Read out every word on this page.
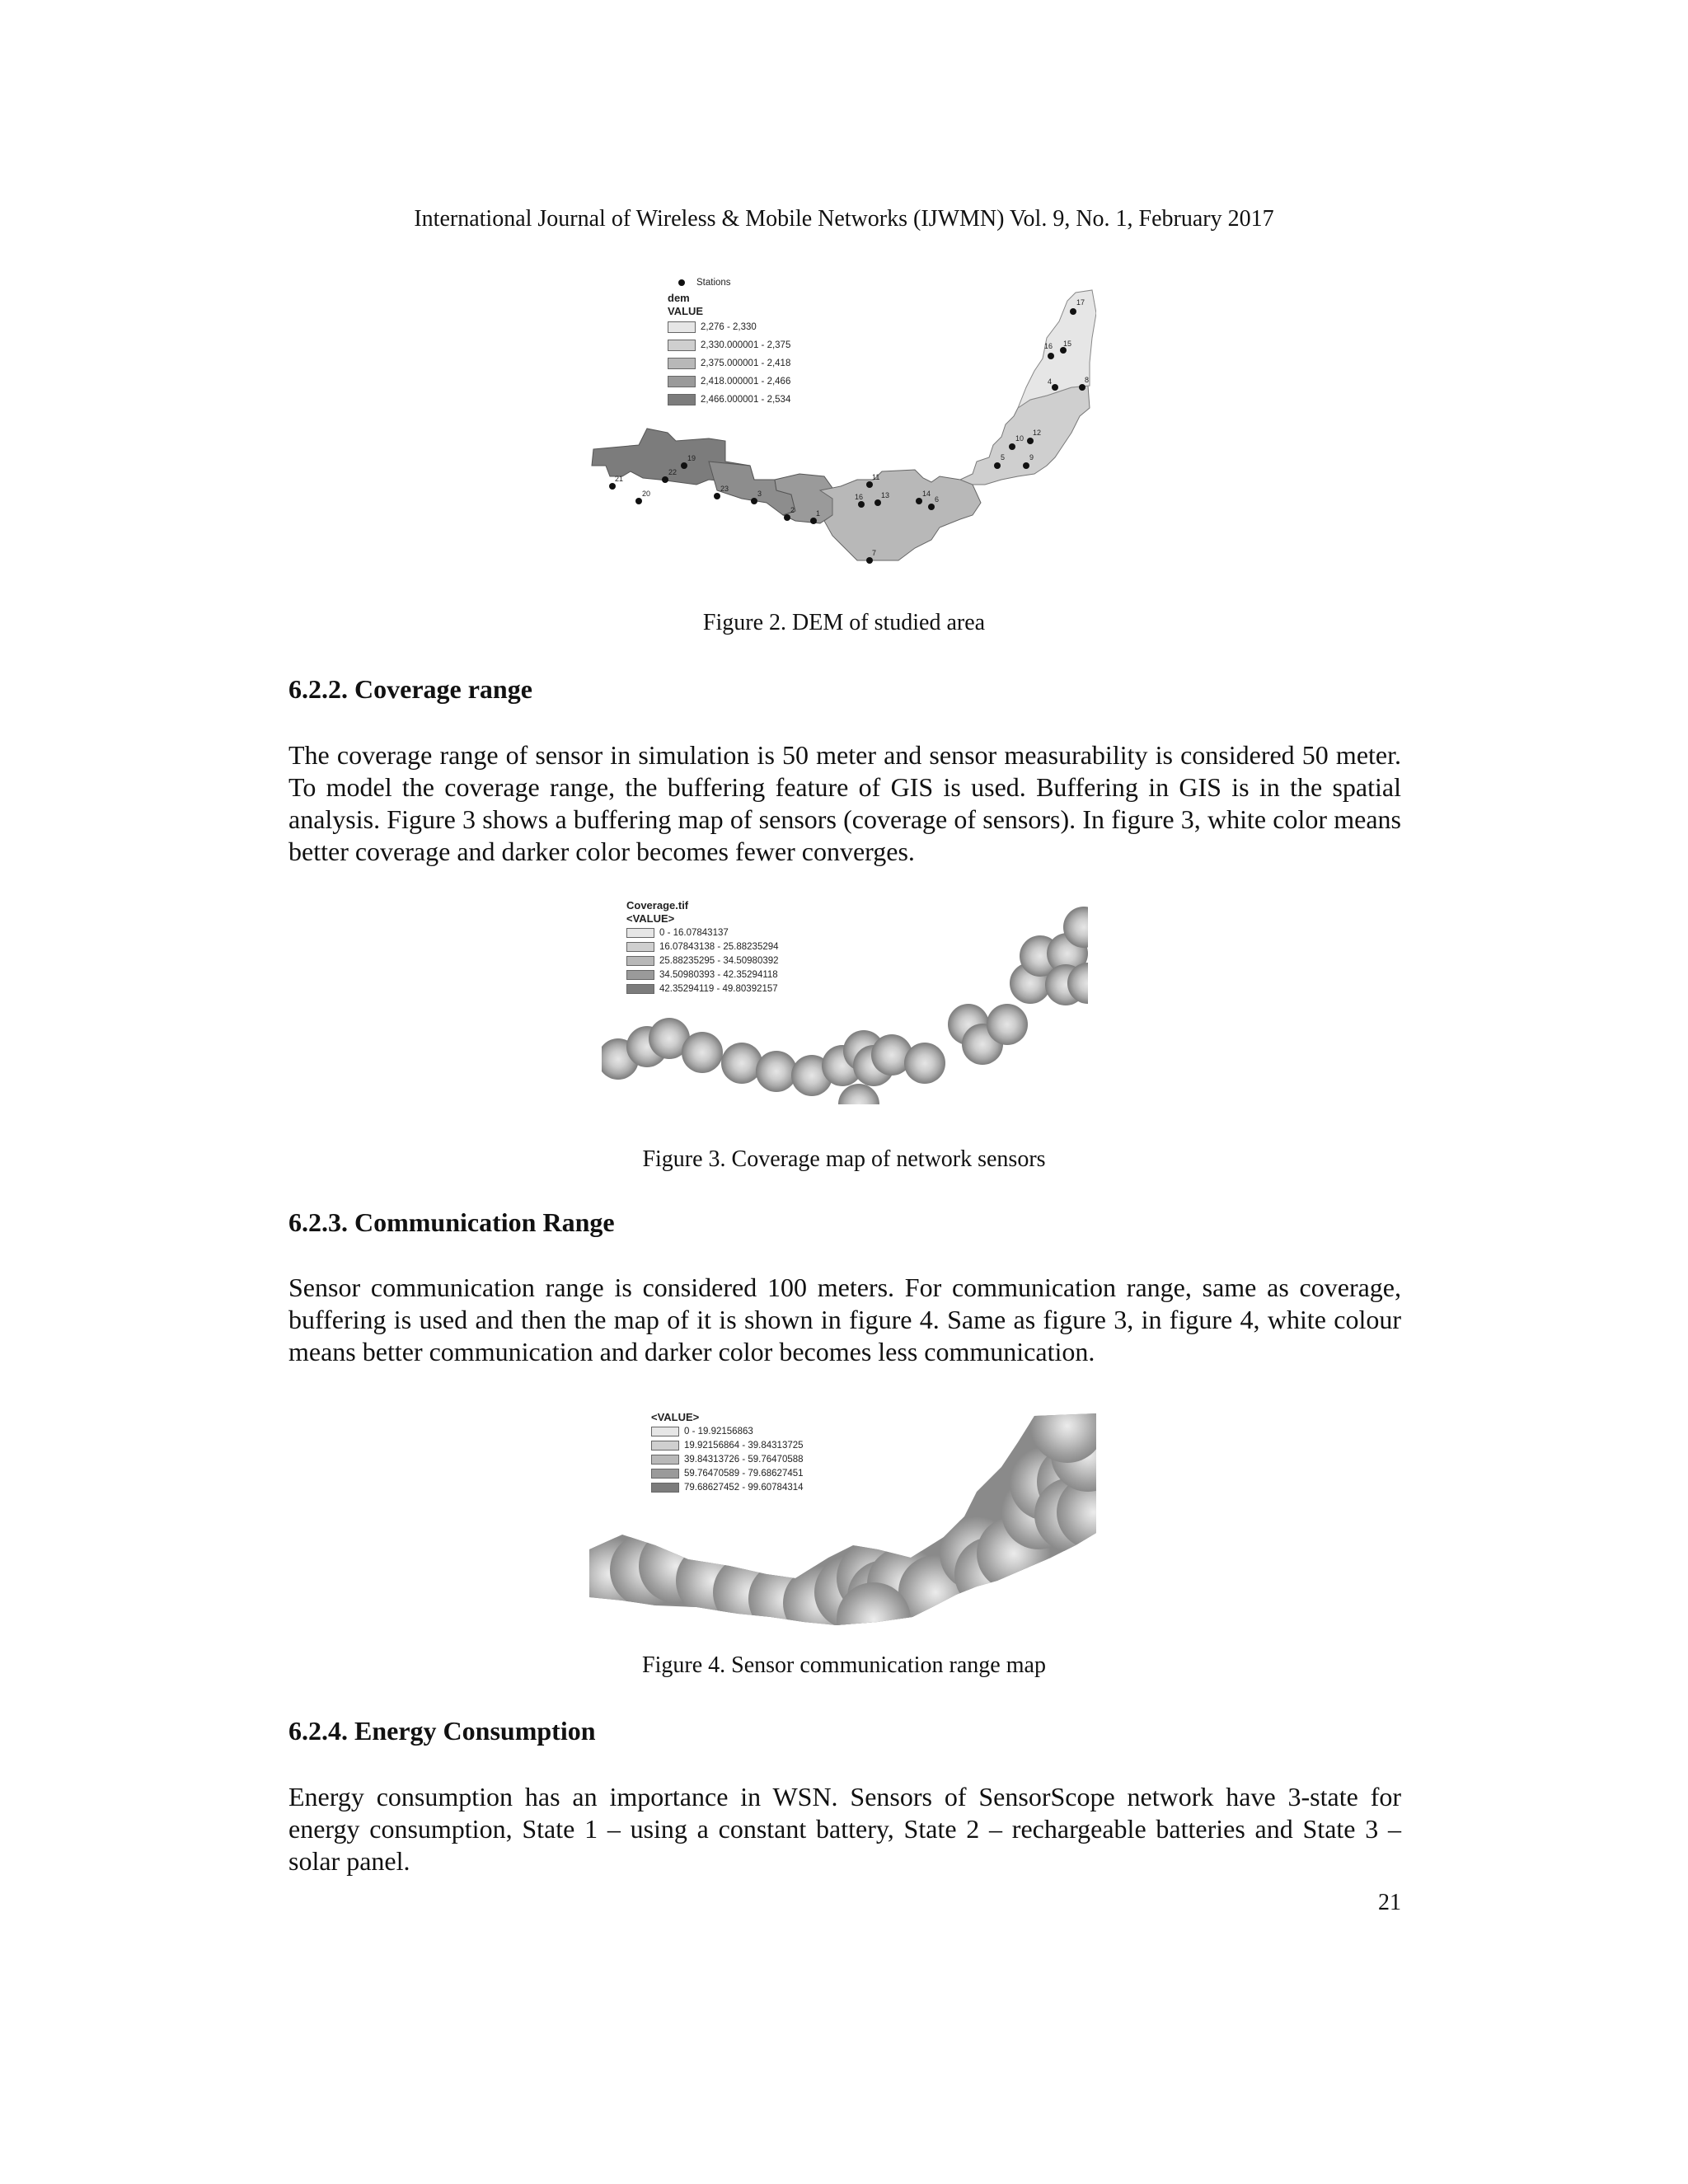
International Journal of Wireless & Mobile Networks (IJWMN) Vol. 9, No. 1, February 2017
17
16 15
4	8
12
10
5	9
11
19
22
23
21
20	3
2	1
16 13	14
6
7
Stations
dem
VALUE
2,276 - 2,330
2,330.000001 - 2,375
2,375.000001 - 2,418
2,418.000001 - 2,466
2,466.000001 - 2,534
Figure 2. DEM of studied area
6.2.2. Coverage range
The coverage range of sensor in simulation is 50 meter and sensor measurability is considered 50 meter. To model the coverage range, the buffering feature of GIS is used. Buffering in GIS is in the spatial analysis. Figure 3 shows a buffering map of sensors (coverage of sensors). In figure 3, white color means better coverage and darker color becomes fewer converges.
Coverage.tif
<VALUE>
0 - 16.07843137
16.07843138 - 25.88235294
25.88235295 - 34.50980392
34.50980393 - 42.35294118
42.35294119 - 49.80392157
Figure 3. Coverage map of network sensors
6.2.3. Communication Range
Sensor communication range is considered 100 meters. For communication range, same as coverage, buffering is used and then the map of it is shown in figure 4. Same as figure 3, in figure 4, white colour means better communication and darker color becomes less communication.
<VALUE>
0 - 19.92156863
19.92156864 - 39.84313725
39.84313726 - 59.76470588
59.76470589 - 79.68627451
79.68627452 - 99.60784314
Figure 4. Sensor communication range map
6.2.4. Energy Consumption
Energy consumption has an importance in WSN. Sensors of SensorScope network have 3-state for energy consumption, State 1 – using a constant battery, State 2 – rechargeable batteries and State 3 – solar panel.
21
